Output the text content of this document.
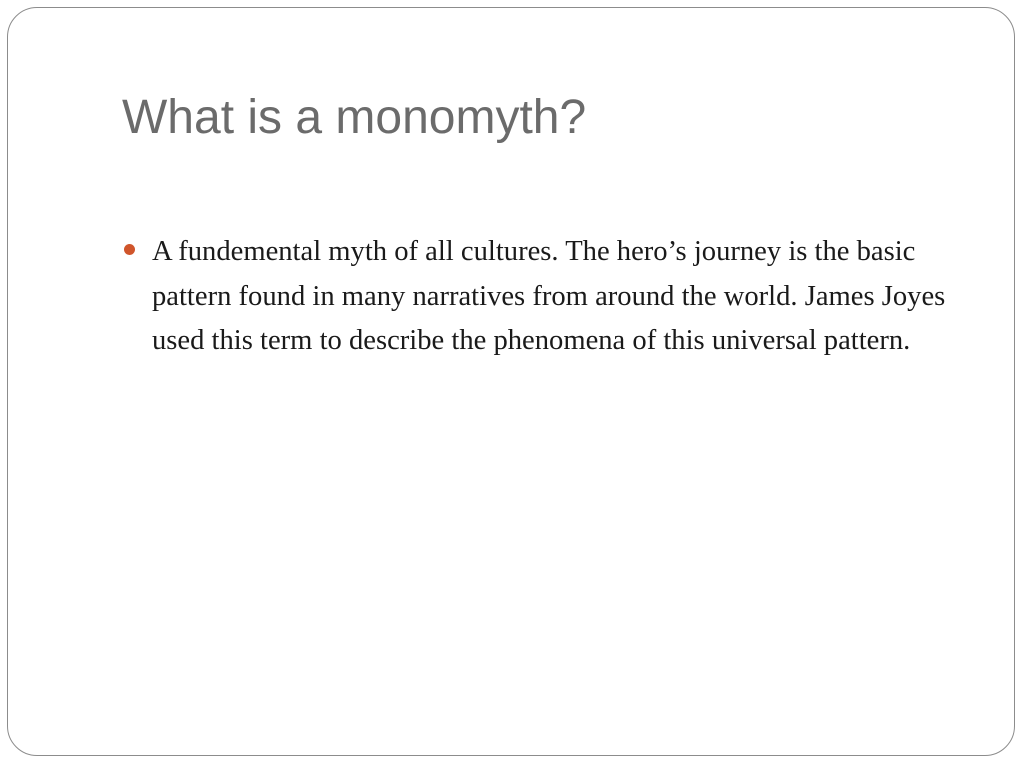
What is a monomyth?
A fundemental myth of all cultures. The hero’s journey is the basic pattern found in many narratives from around the world. James Joyes used this term to describe the phenomena of this universal pattern.
